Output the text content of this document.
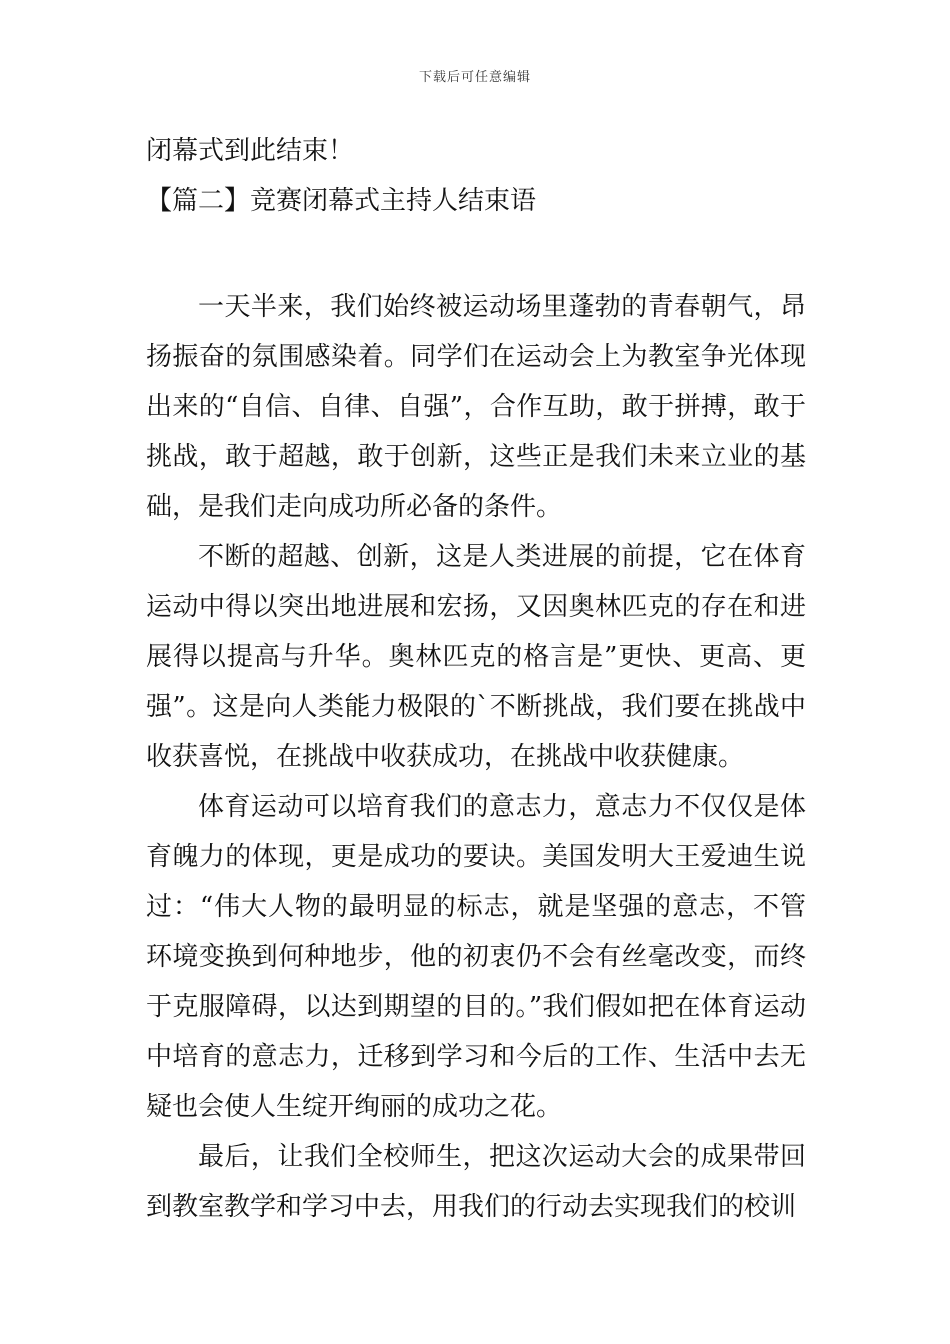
下载后可任意编辑

闭幕式到此结束！

【篇二】竞赛闭幕式主持人结束语

一天半来，我们始终被运动场里蓬勃的青春朝气，昂扬振奋的氛围感染着。同学们在运动会上为教室争光体现出来的“自信、自律、自强”，合作互助，敢于拼搏，敢于挑战，敢于超越，敢于创新，这些正是我们未来立业的基础，是我们走向成功所必备的条件。

不断的超越、创新，这是人类进展的前提，它在体育运动中得以突出地进展和宏扬，又因奥林匹克的存在和进展得以提高与升华。奥林匹克的格言是”更快、更高、更强”。这是向人类能力极限的`不断挑战，我们要在挑战中收获喜悦，在挑战中收获成功，在挑战中收获健康。

体育运动可以培育我们的意志力，意志力不仅仅是体育魄力的体现，更是成功的要诀。美国发明大王爱迪生说过：“伟大人物的最明显的标志，就是坚强的意志，不管环境变换到何种地步，他的初衷仍不会有丝毫改变，而终于克服障碍，以达到期望的目的。”我们假如把在体育运动中培育的意志力，迁移到学习和今后的工作、生活中去无疑也会使人生绽开绚丽的成功之花。

最后，让我们全校师生，把这次运动大会的成果带回到教室教学和学习中去，用我们的行动去实现我们的校训
